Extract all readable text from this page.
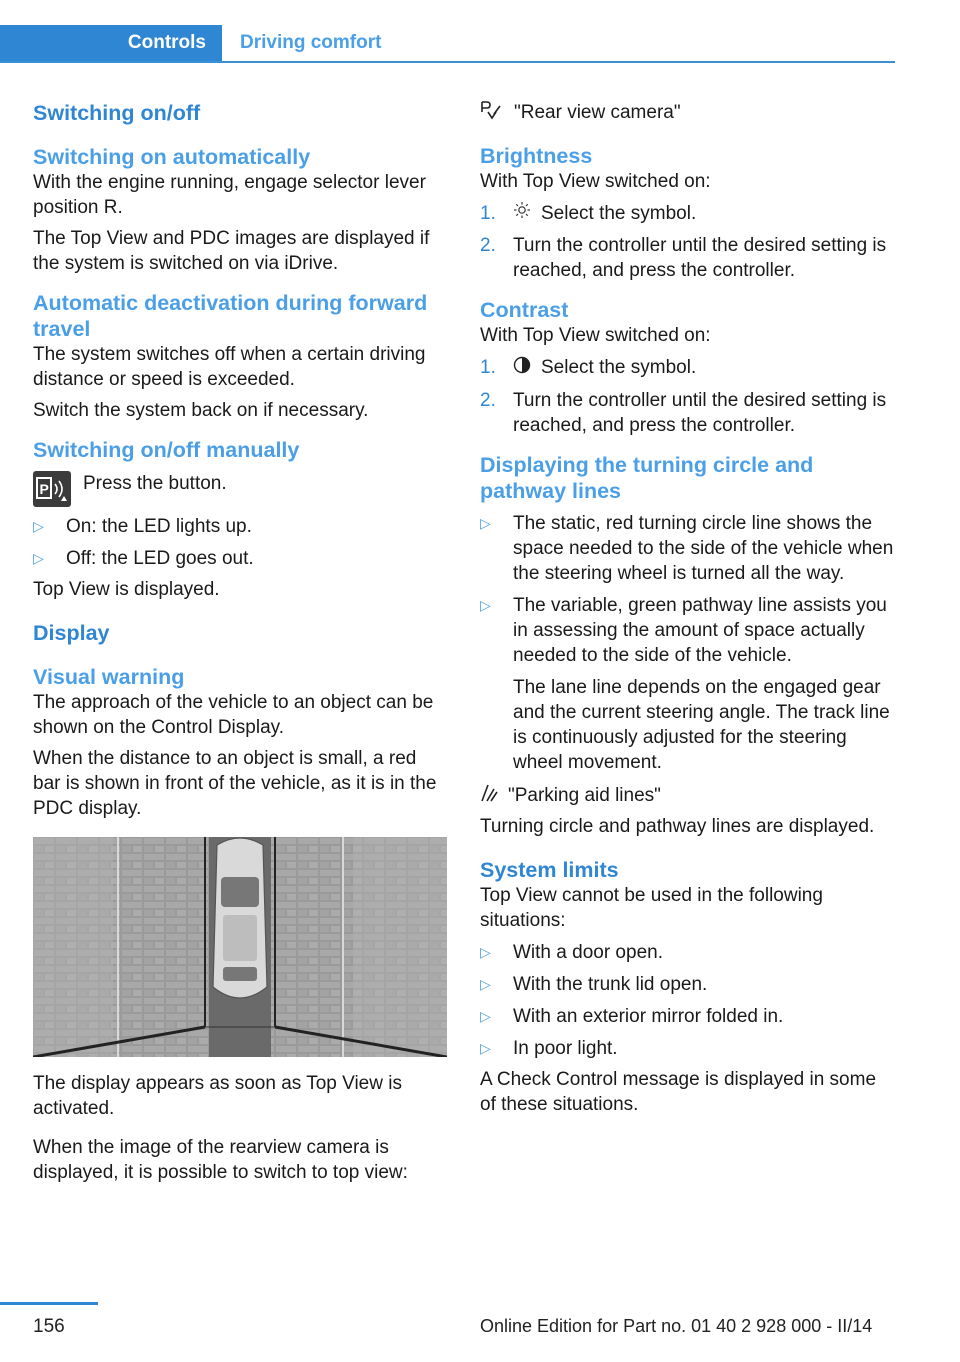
Controls	Driving comfort
Switching on/off
Switching on automatically

With the engine running, engage selector lever position R.

The Top View and PDC images are displayed if the system is switched on via iDrive.

Automatic deactivation during forward travel

The system switches off when a certain driving distance or speed is exceeded.

Switch the system back on if necessary.

Switching on/off manually
P Press the button.

▷ On: the LED lights up.
▷ Off: the LED goes out.

Top View is displayed.

Display
Visual warning

The approach of the vehicle to an object can be shown on the Control Display.

When the distance to an object is small, a red bar is shown in front of the vehicle, as it is in the PDC display.

The display appears as soon as Top View is activated.

When the image of the rearview camera is displayed, it is possible to switch to top view:

"Rear view camera"

Brightness

With Top View switched on:

1. Select the symbol.
2. Turn the controller until the desired setting is reached, and press the controller.
Contrast

With Top View switched on:

1. Select the symbol.
2. Turn the controller until the desired setting is reached, and press the controller.
Displaying the turning circle and pathway lines
▷ The static, red turning circle line shows the space needed to the side of the vehicle when the steering wheel is turned all the way.
▷ The variable, green pathway line assists you in assessing the amount of space actually needed to the side of the vehicle.

The lane line depends on the engaged gear and the current steering angle. The track line is continuously adjusted for the steering wheel movement.

"Parking aid lines"

Turning circle and pathway lines are displayed.

System limits

Top View cannot be used in the following situations:

▷ With a door open.
▷ With the trunk lid open.
▷ With an exterior mirror folded in.
▷ In poor light.

A Check Control message is displayed in some of these situations.

156	Online Edition for Part no. 01 40 2 928 000 - II/14
